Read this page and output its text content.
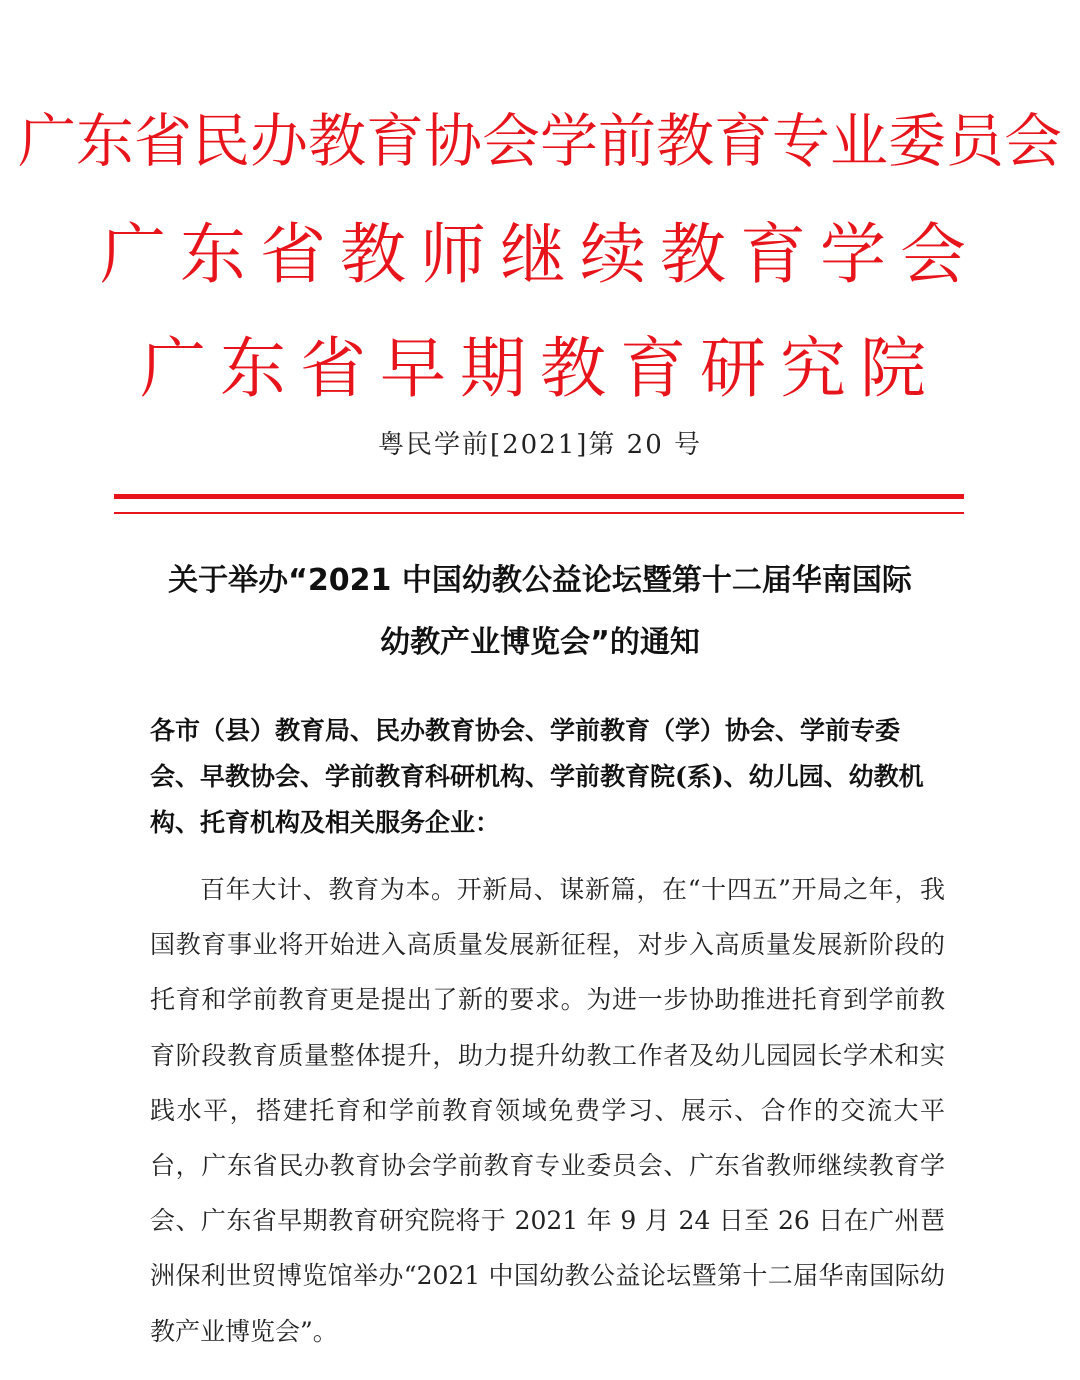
广东省民办教育协会学前教育专业委员会
广东省教师继续教育学会
广东省早期教育研究院
粤民学前[2021]第 20 号
关于举办“2021 中国幼教公益论坛暨第十二届华南国际
幼教产业博览会”的通知
各市（县）教育局、民办教育协会、学前教育（学）协会、学前专委会、早教协会、学前教育科研机构、学前教育院(系)、幼儿园、幼教机构、托育机构及相关服务企业：
百年大计、教育为本。开新局、谋新篇，在“十四五”开局之年，我国教育事业将开始进入高质量发展新征程，对步入高质量发展新阶段的托育和学前教育更是提出了新的要求。为进一步协助推进托育到学前教育阶段教育质量整体提升，助力提升幼教工作者及幼儿园园长学术和实践水平，搭建托育和学前教育领域免费学习、展示、合作的交流大平台，广东省民办教育协会学前教育专业委员会、广东省教师继续教育学会、广东省早期教育研究院将于 2021 年 9 月 24 日至 26 日在广州琶洲保利世贸博览馆举办“2021 中国幼教公益论坛暨第十二届华南国际幼教产业博览会”。
